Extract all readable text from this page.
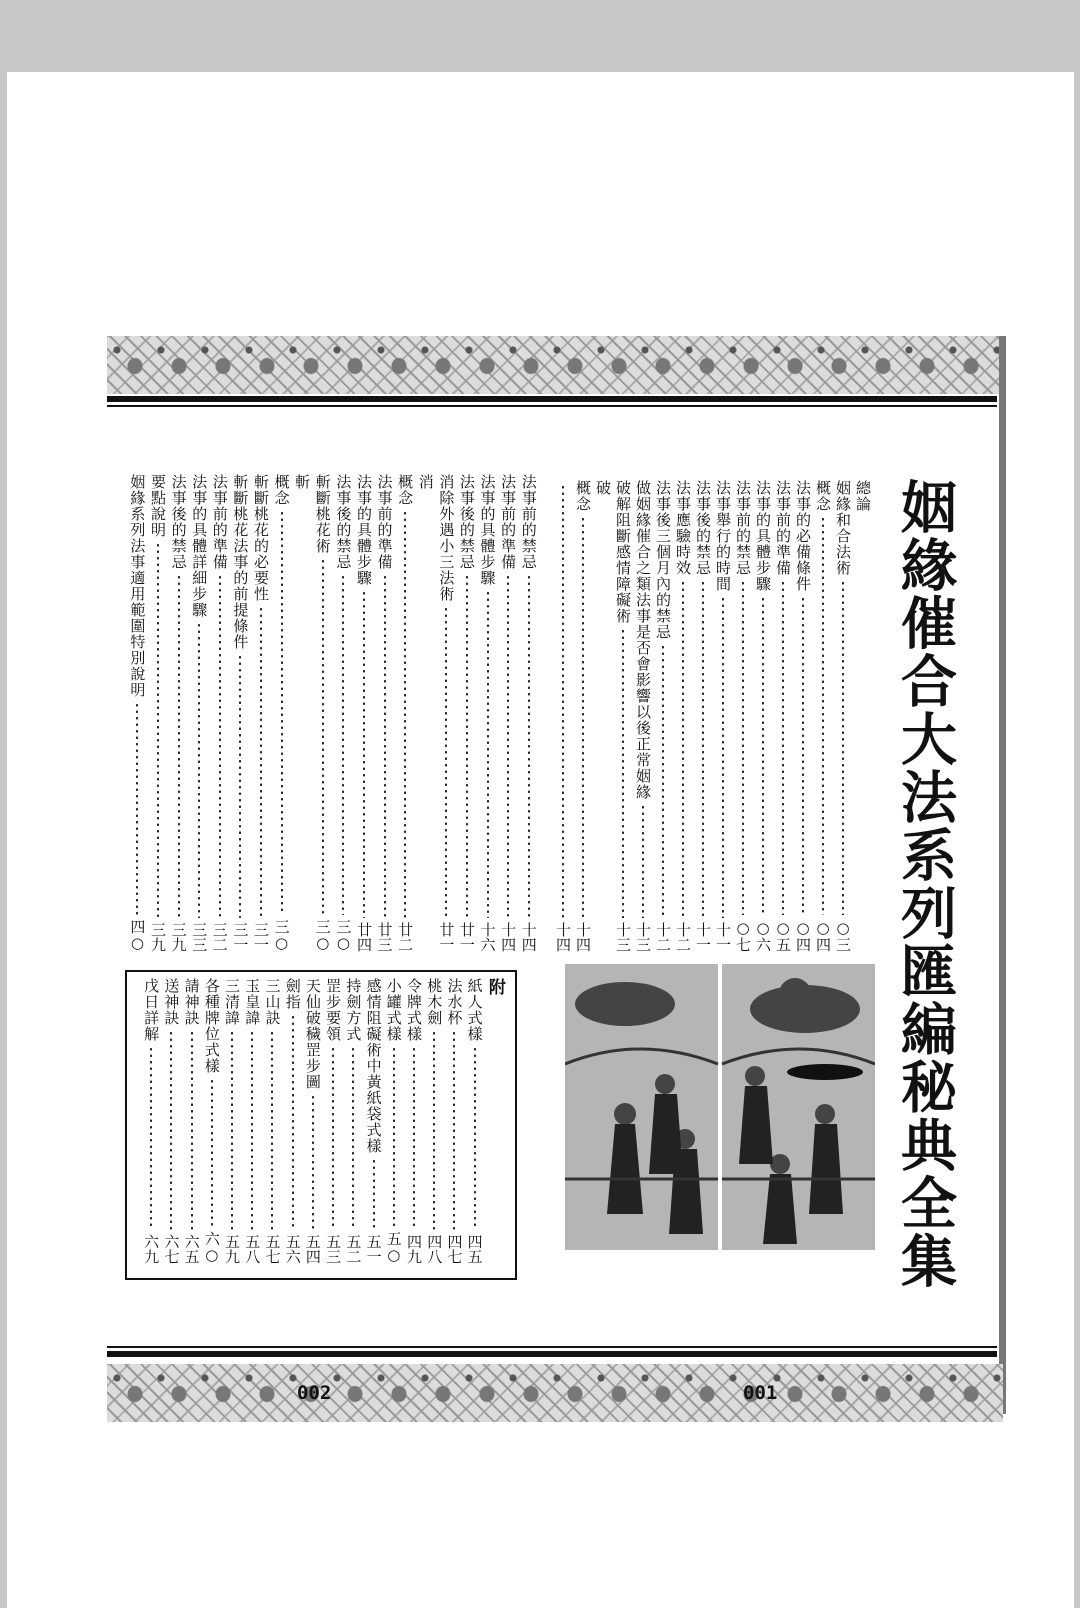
姻緣催合大法系列匯編秘典全集
總論
姻緣和合法術
○三
概念
○四
法事的必備條件
○四
法事前的準備
○五
法事的具體步驟
○六
法事前的禁忌
○七
法事舉行的時間
十一
法事後的禁忌
十一
法事應驗時效
十二
法事後三個月內的禁忌
十二
做姻緣催合之類法事是否會影響以後正常姻緣
十三
破解阻斷感情障礙術
十三
破
概念
十四
十四
法事前的禁忌
十四
法事前的準備
十四
法事的具體步驟
十六
法事後的禁忌
廿一
消除外遇小三法術
廿一
消
概念
廿二
法事前的準備
廿三
法事的具體步驟
廿四
法事後的禁忌
三○
斬斷桃花術
三○
斬
概念
三○
斬斷桃花的必要性
三一
斬斷桃花法事的前提條件
三一
法事前的準備
三二
法事的具體詳細步驟
三三
法事後的禁忌
三九
要點說明
三九
姻緣系列法事適用範圍特別說明
四○
附
紙人式樣
四五
法水杯
四七
桃木劍
四八
令牌式樣
四九
小罐式樣
五○
感情阻礙術中黃紙袋式樣
五一
持劍方式
五二
罡步要領
五三
天仙破穢罡步圖
五四
劍指
五六
三山訣
五七
玉皇諱
五八
三清諱
五九
各種牌位式樣
六○
請神訣
六五
送神訣
六七
戊日詳解
六九
002	001
